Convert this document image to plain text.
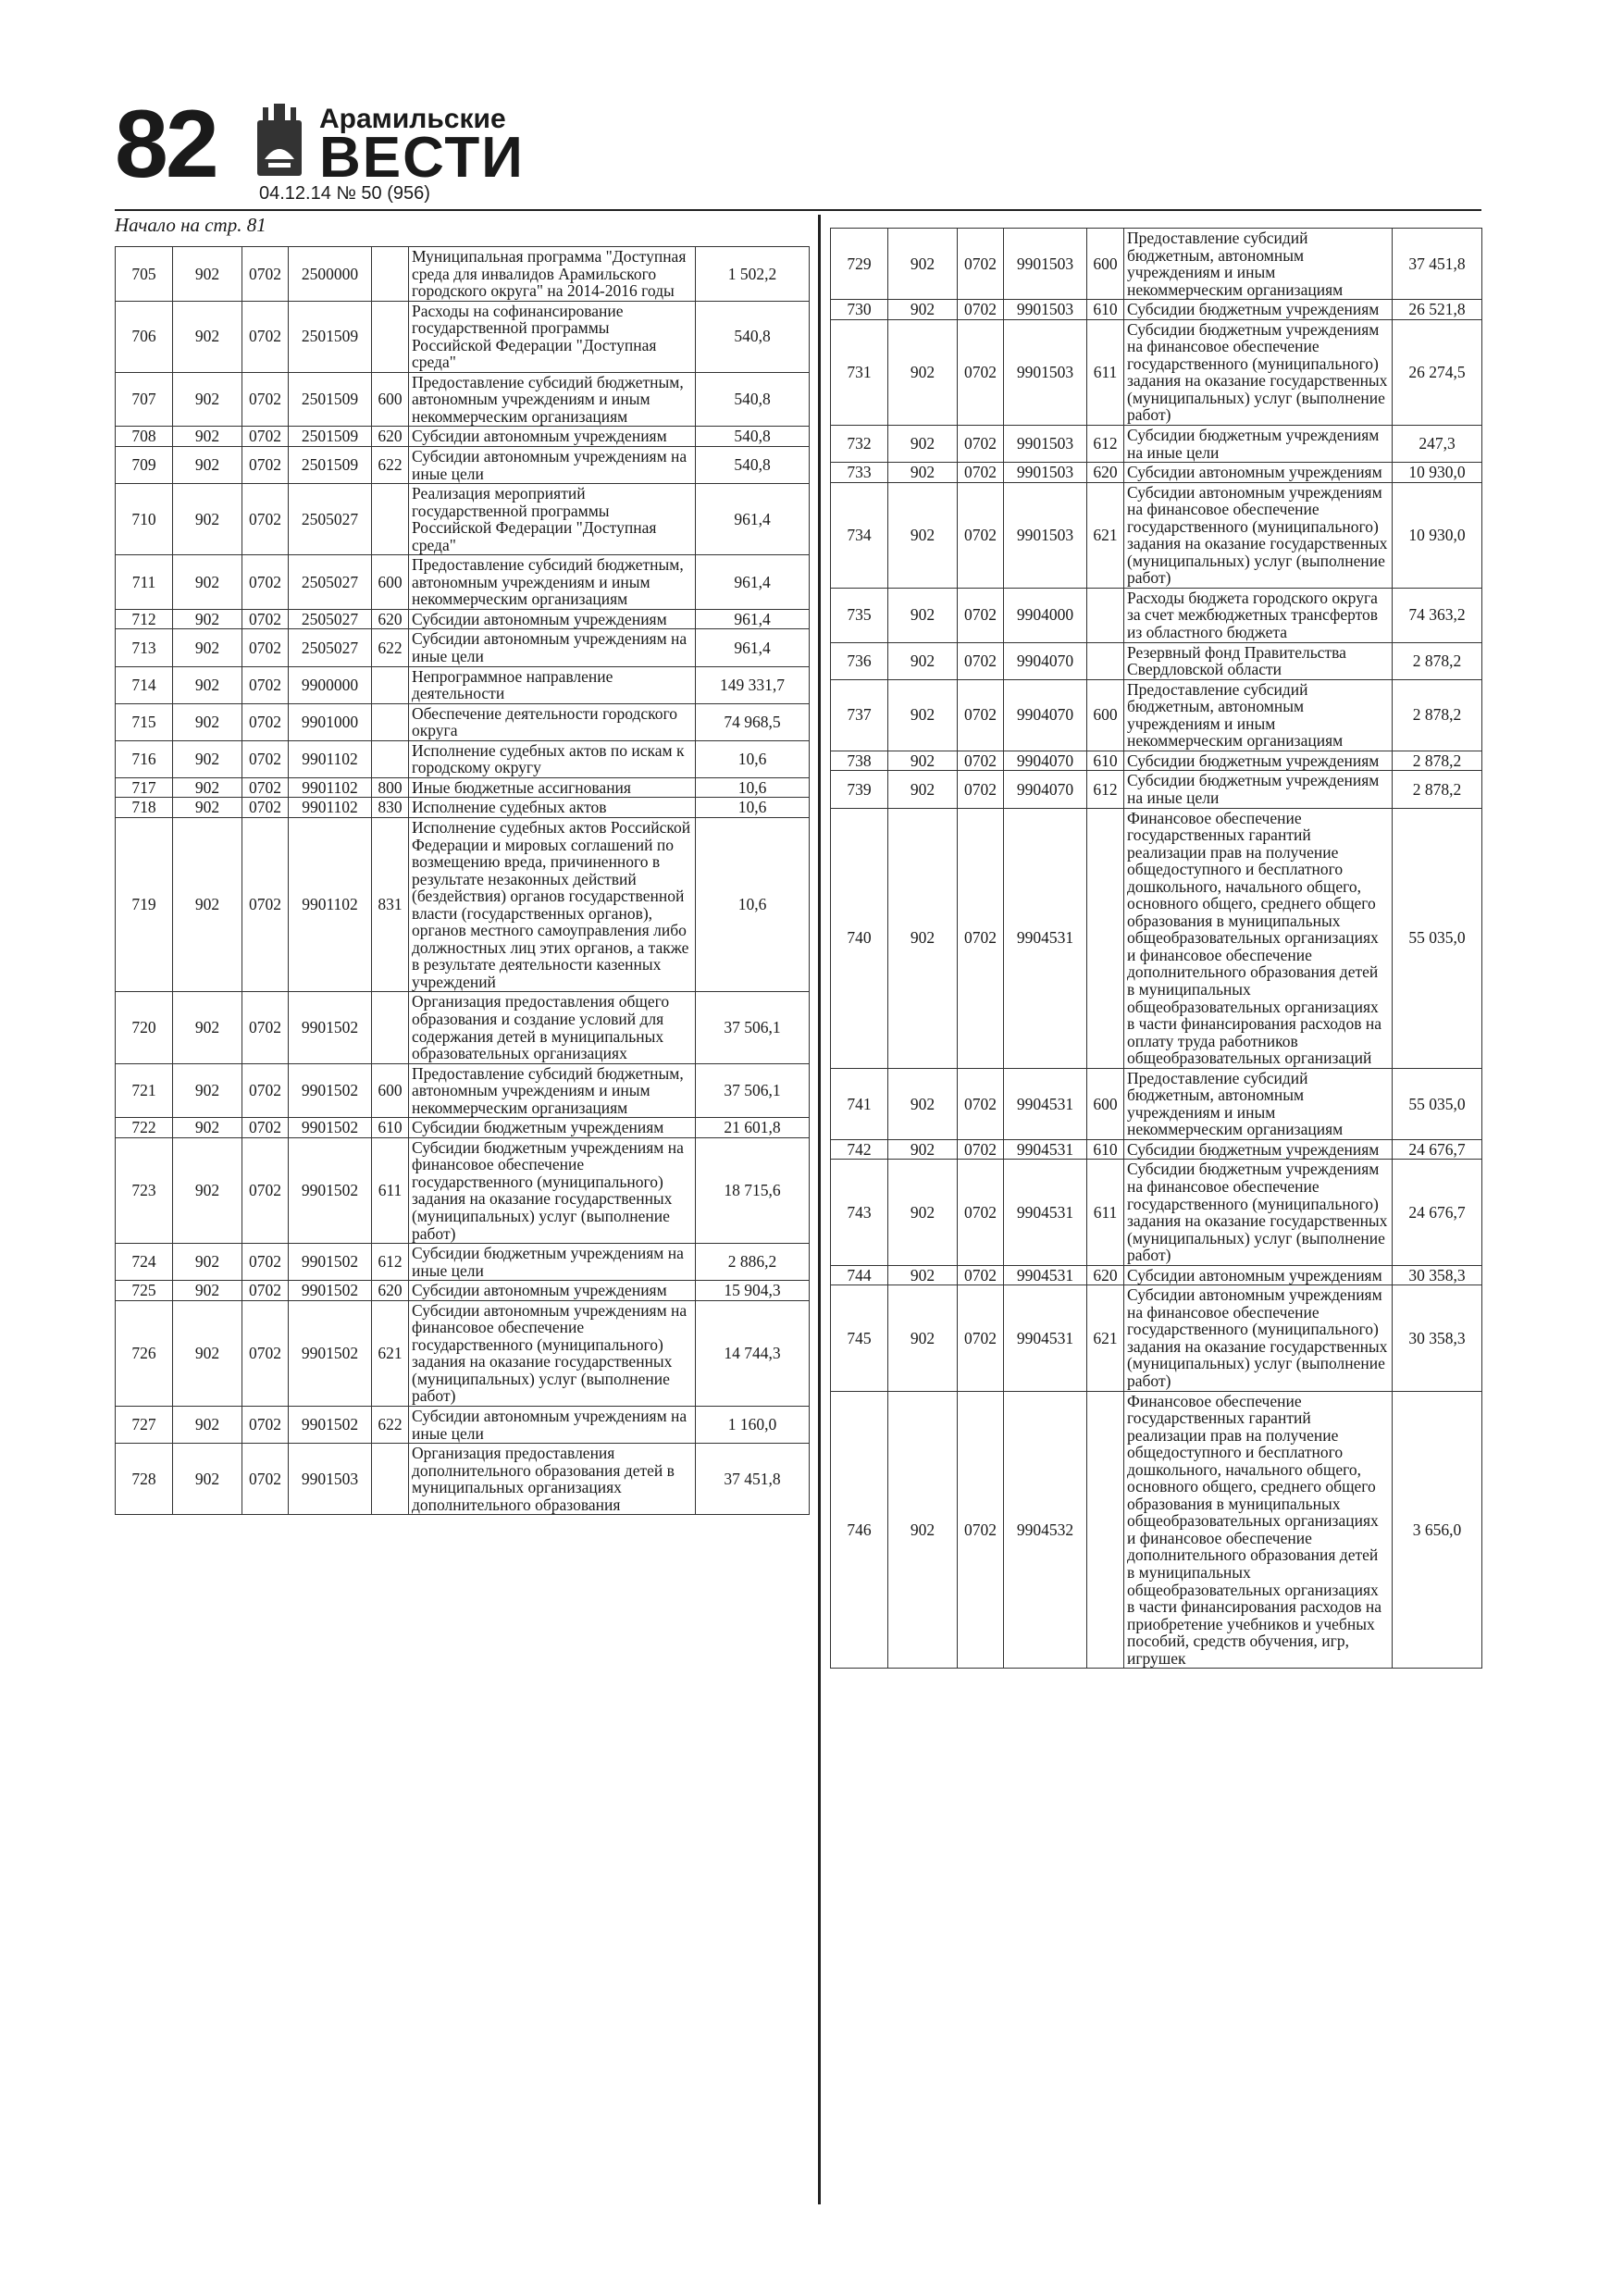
82	Арамильские
ВЕСТИ
04.12.14 № 50 (956)
Начало на стр. 81
705	902	0702	2500000		Муниципальная программа "Доступная среда для инвалидов Арамильского городского округа" на 2014-2016 годы	1 502,2
706	902	0702	2501509		Расходы на софинансирование государственной программы Российской Федерации "Доступная среда"	540,8
707	902	0702	2501509	600	Предоставление субсидий бюджетным, автономным учреждениям и иным некоммерческим организациям	540,8
708	902	0702	2501509	620	Субсидии автономным учреждениям	540,8
709	902	0702	2501509	622	Субсидии автономным учреждениям на иные цели	540,8
710	902	0702	2505027		Реализация мероприятий государственной программы Российской Федерации "Доступная среда"	961,4
711	902	0702	2505027	600	Предоставление субсидий бюджетным, автономным учреждениям и иным некоммерческим организациям	961,4
712	902	0702	2505027	620	Субсидии автономным учреждениям	961,4
713	902	0702	2505027	622	Субсидии автономным учреждениям на иные цели	961,4
714	902	0702	9900000		Непрограммное направление деятельности	149 331,7
715	902	0702	9901000		Обеспечение деятельности городского округа	74 968,5
716	902	0702	9901102		Исполнение судебных актов по искам к городскому округу	10,6
717	902	0702	9901102	800	Иные бюджетные ассигнования	10,6
718	902	0702	9901102	830	Исполнение судебных актов	10,6
719	902	0702	9901102	831	Исполнение судебных актов Российской Федерации и мировых соглашений по возмещению вреда, причиненного в результате незаконных действий (бездействия) органов государственной власти (государственных органов), органов местного самоуправления либо должностных лиц этих органов, а также в результате деятельности казенных учреждений	10,6
720	902	0702	9901502		Организация предоставления общего образования и создание условий для содержания детей в муниципальных образовательных организациях	37 506,1
721	902	0702	9901502	600	Предоставление субсидий бюджетным, автономным учреждениям и иным некоммерческим организациям	37 506,1
722	902	0702	9901502	610	Субсидии бюджетным учреждениям	21 601,8
723	902	0702	9901502	611	Субсидии бюджетным учреждениям на финансовое обеспечение государственного (муниципального) задания на оказание государственных (муниципальных) услуг (выполнение работ)	18 715,6
724	902	0702	9901502	612	Субсидии бюджетным учреждениям на иные цели	2 886,2
725	902	0702	9901502	620	Субсидии автономным учреждениям	15 904,3
726	902	0702	9901502	621	Субсидии автономным учреждениям на финансовое обеспечение государственного (муниципального) задания на оказание государственных (муниципальных) услуг (выполнение работ)	14 744,3
727	902	0702	9901502	622	Субсидии автономным учреждениям на иные цели	1 160,0
728	902	0702	9901503		Организация предоставления дополнительного образования детей в муниципальных организациях дополнительного образования	37 451,8
729	902	0702	9901503	600	Предоставление субсидий бюджетным, автономным учреждениям и иным некоммерческим организациям	37 451,8
730	902	0702	9901503	610	Субсидии бюджетным учреждениям	26 521,8
731	902	0702	9901503	611	Субсидии бюджетным учреждениям на финансовое обеспечение государственного (муниципального) задания на оказание государственных (муниципальных) услуг (выполнение работ)	26 274,5
732	902	0702	9901503	612	Субсидии бюджетным учреждениям на иные цели	247,3
733	902	0702	9901503	620	Субсидии автономным учреждениям	10 930,0
734	902	0702	9901503	621	Субсидии автономным учреждениям на финансовое обеспечение государственного (муниципального) задания на оказание государственных (муниципальных) услуг (выполнение работ)	10 930,0
735	902	0702	9904000		Расходы бюджета городского округа за счет межбюджетных трансфертов из областного бюджета	74 363,2
736	902	0702	9904070		Резервный фонд Правительства Свердловской области	2 878,2
737	902	0702	9904070	600	Предоставление субсидий бюджетным, автономным учреждениям и иным некоммерческим организациям	2 878,2
738	902	0702	9904070	610	Субсидии бюджетным учреждениям	2 878,2
739	902	0702	9904070	612	Субсидии бюджетным учреждениям на иные цели	2 878,2
740	902	0702	9904531		Финансовое обеспечение государственных гарантий реализации прав на получение общедоступного и бесплатного дошкольного, начального общего, основного общего, среднего общего образования в муниципальных общеобразовательных организациях и финансовое обеспечение дополнительного образования детей в муниципальных общеобразовательных организациях в части финансирования расходов на оплату труда работников общеобразовательных организаций	55 035,0
741	902	0702	9904531	600	Предоставление субсидий бюджетным, автономным учреждениям и иным некоммерческим организациям	55 035,0
742	902	0702	9904531	610	Субсидии бюджетным учреждениям	24 676,7
743	902	0702	9904531	611	Субсидии бюджетным учреждениям на финансовое обеспечение государственного (муниципального) задания на оказание государственных (муниципальных) услуг (выполнение работ)	24 676,7
744	902	0702	9904531	620	Субсидии автономным учреждениям	30 358,3
745	902	0702	9904531	621	Субсидии автономным учреждениям на финансовое обеспечение государственного (муниципального) задания на оказание государственных (муниципальных) услуг (выполнение работ)	30 358,3
746	902	0702	9904532		Финансовое обеспечение государственных гарантий реализации прав на получение общедоступного и бесплатного дошкольного, начального общего, основного общего, среднего общего образования в муниципальных общеобразовательных организациях и финансовое обеспечение дополнительного образования детей в муниципальных общеобразовательных организациях в части финансирования расходов на приобретение учебников и учебных пособий, средств обучения, игр, игрушек	3 656,0
